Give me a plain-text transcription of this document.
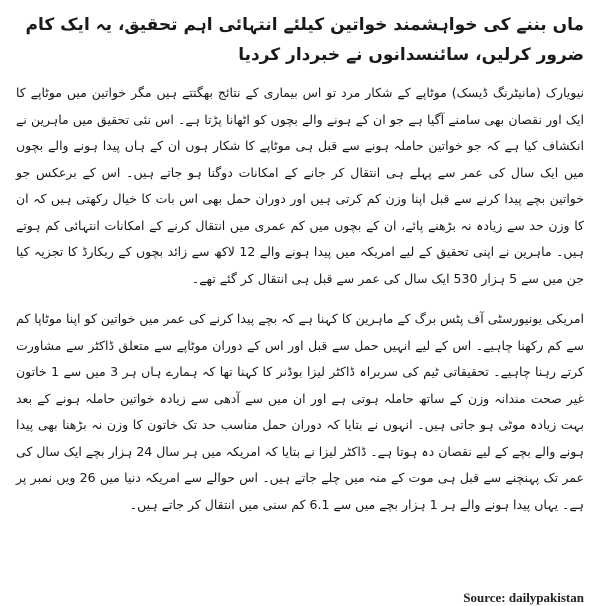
ماں بننے کی خواہشمند خواتین کیلئے انتہائی اہم تحقیق، یہ ایک کام ضرور کرلیں، سائنسدانوں نے خبردار کردیا

نیویارک (مانیٹرنگ ڈیسک) موٹاپے کے شکار مرد تو اس بیماری کے نتائج بھگتتے ہیں مگر خواتین میں موٹاپے کا ایک اور نقصان بھی سامنے آگیا ہے جو ان کے ہونے والے بچوں کو اٹھانا پڑتا ہے۔ اس نئی تحقیق میں ماہرین نے انکشاف کیا ہے کہ جو خواتین حاملہ ہونے سے قبل ہی موٹاپے کا شکار ہوں ان کے ہاں پیدا ہونے والے بچوں میں ایک سال کی عمر سے پہلے ہی انتقال کر جانے کے امکانات دوگنا ہو جاتے ہیں۔ اس کے برعکس جو خواتین بچے پیدا کرنے سے قبل اپنا وزن کم کرتی ہیں اور دوران حمل بھی اس بات کا خیال رکھتی ہیں کہ ان کا وزن حد سے زیادہ نہ بڑھنے پائے، ان کے بچوں میں کم عمری میں انتقال کرنے کے امکانات انتہائی کم ہوتے ہیں۔ ماہرین نے اپنی تحقیق کے لیے امریکہ میں پیدا ہونے والے 12 لاکھ سے زائد بچوں کے ریکارڈ کا تجزیہ کیا جن میں سے 5 ہزار 530 ایک سال کی عمر سے قبل ہی انتقال کر گئے تھے۔

امریکی یونیورسٹی آف پٹس برگ کے ماہرین کا کہنا ہے کہ بچے پیدا کرنے کی عمر میں خواتین کو اپنا موٹاپا کم سے کم رکھنا چاہیے۔ اس کے لیے انہیں حمل سے قبل اور اس کے دوران موٹاپے سے متعلق ڈاکٹر سے مشاورت کرتے رہنا چاہیے۔ تحقیقاتی ٹیم کی سربراہ ڈاکٹر لیزا بوڈنر کا کہنا تھا کہ ہمارے ہاں ہر 3 میں سے 1 خاتون غیر صحت مندانہ وزن کے ساتھ حاملہ ہوتی ہے اور ان میں سے آدھی سے زیادہ خواتین حاملہ ہونے کے بعد بہت زیادہ موٹی ہو جاتی ہیں۔ انہوں نے بتایا کہ دوران حمل مناسب حد تک خاتون کا وزن نہ بڑھنا بھی پیدا ہونے والے بچے کے لیے نقصان دہ ہوتا ہے۔ ڈاکٹر لیزا نے بتایا کہ امریکہ میں ہر سال 24 ہزار بچے ایک سال کی عمر تک پہنچنے سے قبل ہی موت کے منہ میں چلے جاتے ہیں۔ اس حوالے سے امریکہ دنیا میں 26 ویں نمبر پر ہے۔ یہاں پیدا ہونے والے ہر 1 ہزار بچے میں سے 6.1 کم سنی میں انتقال کر جاتے ہیں۔

Source: dailypakistan
